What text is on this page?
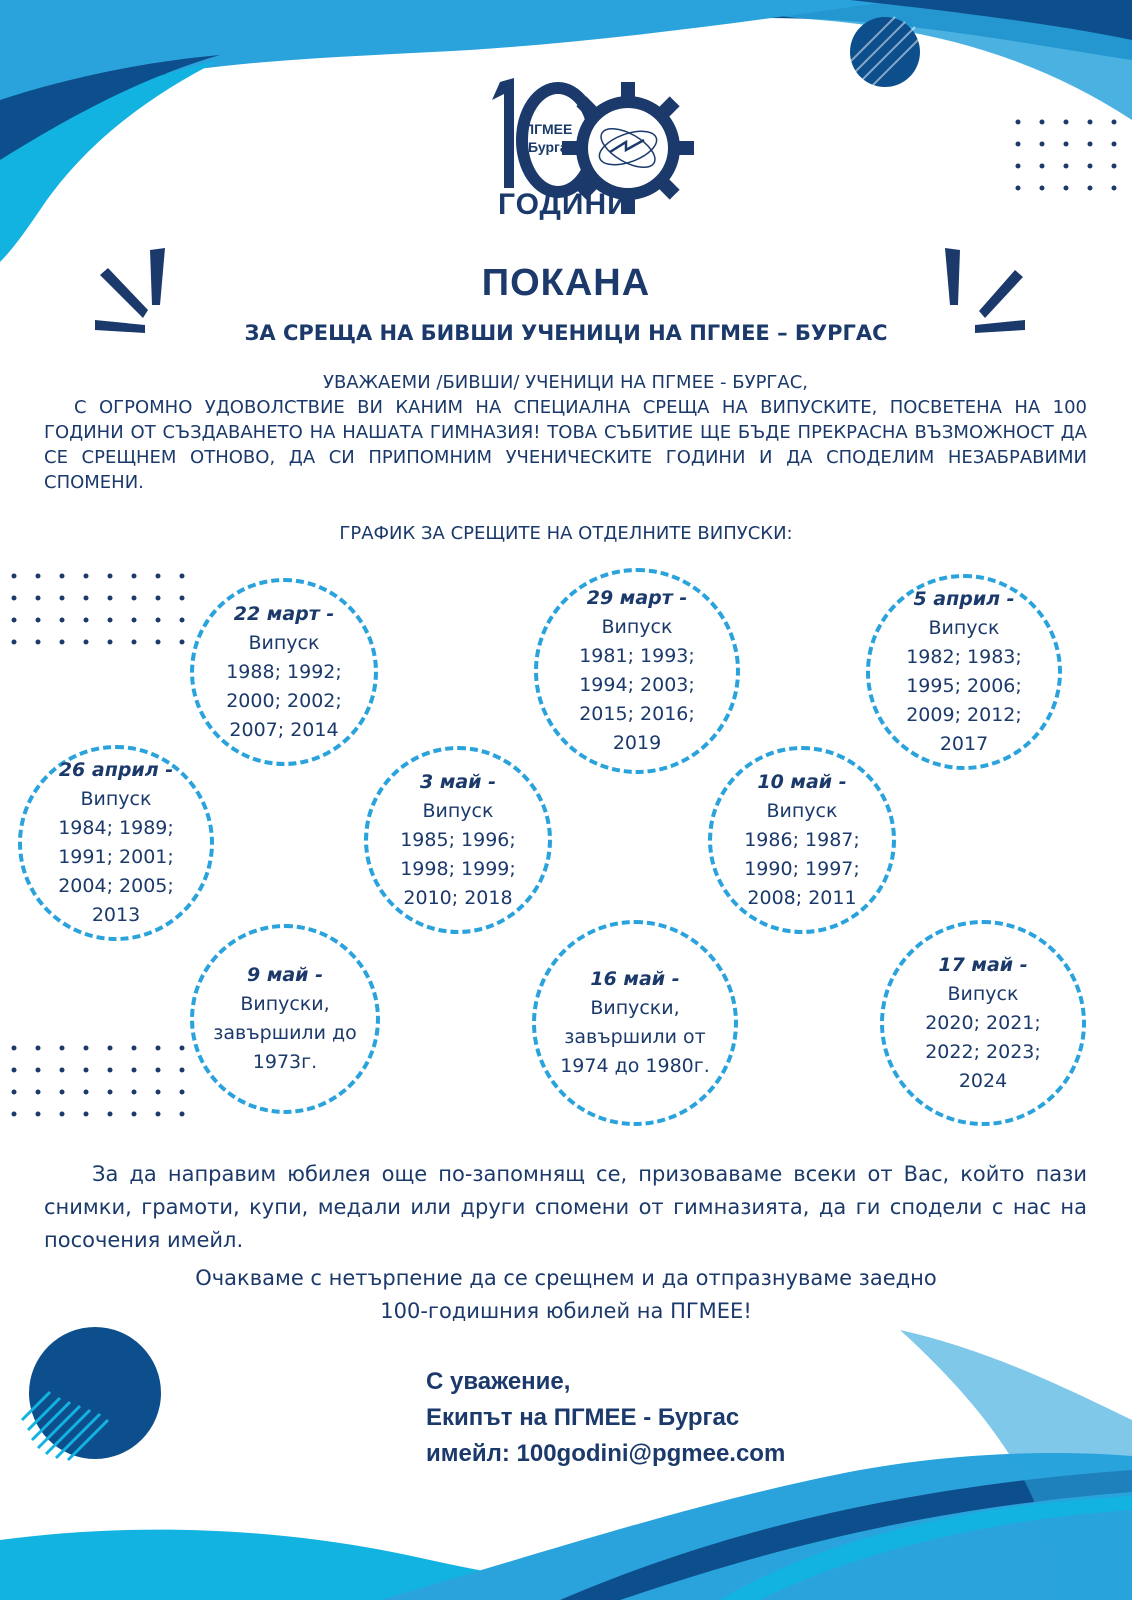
ПГМЕЕ
Бургас
1925
ГОДИНИ
ПОКАНА
ЗА СРЕЩА НА БИВШИ УЧЕНИЦИ НА ПГМЕЕ – БУРГАС
УВАЖАЕМИ /БИВШИ/ УЧЕНИЦИ НА ПГМЕЕ - БУРГАС,
С ОГРОМНО УДОВОЛСТВИЕ ВИ КАНИМ НА СПЕЦИАЛНА СРЕЩА НА ВИПУСКИТЕ, ПОСВЕТЕНА НА 100 ГОДИНИ ОТ СЪЗДАВАНЕТО НА НАШАТА ГИМНАЗИЯ! ТОВА СЪБИТИЕ ЩЕ БЪДЕ ПРЕКРАСНА ВЪЗМОЖНОСТ ДА СЕ СРЕЩНЕМ ОТНОВО, ДА СИ ПРИПОМНИМ УЧЕНИЧЕСКИТЕ ГОДИНИ И ДА СПОДЕЛИМ НЕЗАБРАВИМИ СПОМЕНИ.
ГРАФИК ЗА СРЕЩИТЕ НА ОТДЕЛНИТЕ ВИПУСКИ:
22 март -
Випуск
1988; 1992;
2000; 2002;
2007; 2014
29 март -
Випуск
1981; 1993;
1994; 2003;
2015; 2016;
2019
5 април -
Випуск
1982; 1983;
1995; 2006;
2009; 2012;
2017
26 април -
Випуск
1984; 1989;
1991; 2001;
2004; 2005;
2013
3 май -
Випуск
1985; 1996;
1998; 1999;
2010; 2018
10 май -
Випуск
1986; 1987;
1990; 1997;
2008; 2011
9 май -
Випуски,
завършили до
1973г.
16 май -
Випуски,
завършили от
1974 до 1980г.
17 май -
Випуск
2020; 2021;
2022; 2023;
2024
За да направим юбилея още по-запомнящ се, призоваваме всеки от Вас, който пази снимки, грамоти, купи, медали или други спомени от гимназията, да ги сподели с нас на посочения имейл.
Очакваме с нетърпение да се срещнем и да отпразнуваме заедно
100-годишния юбилей на ПГМЕЕ!
С уважение,
Екипът на ПГМЕЕ - Бургас
имейл: 100godini@pgmee.com
